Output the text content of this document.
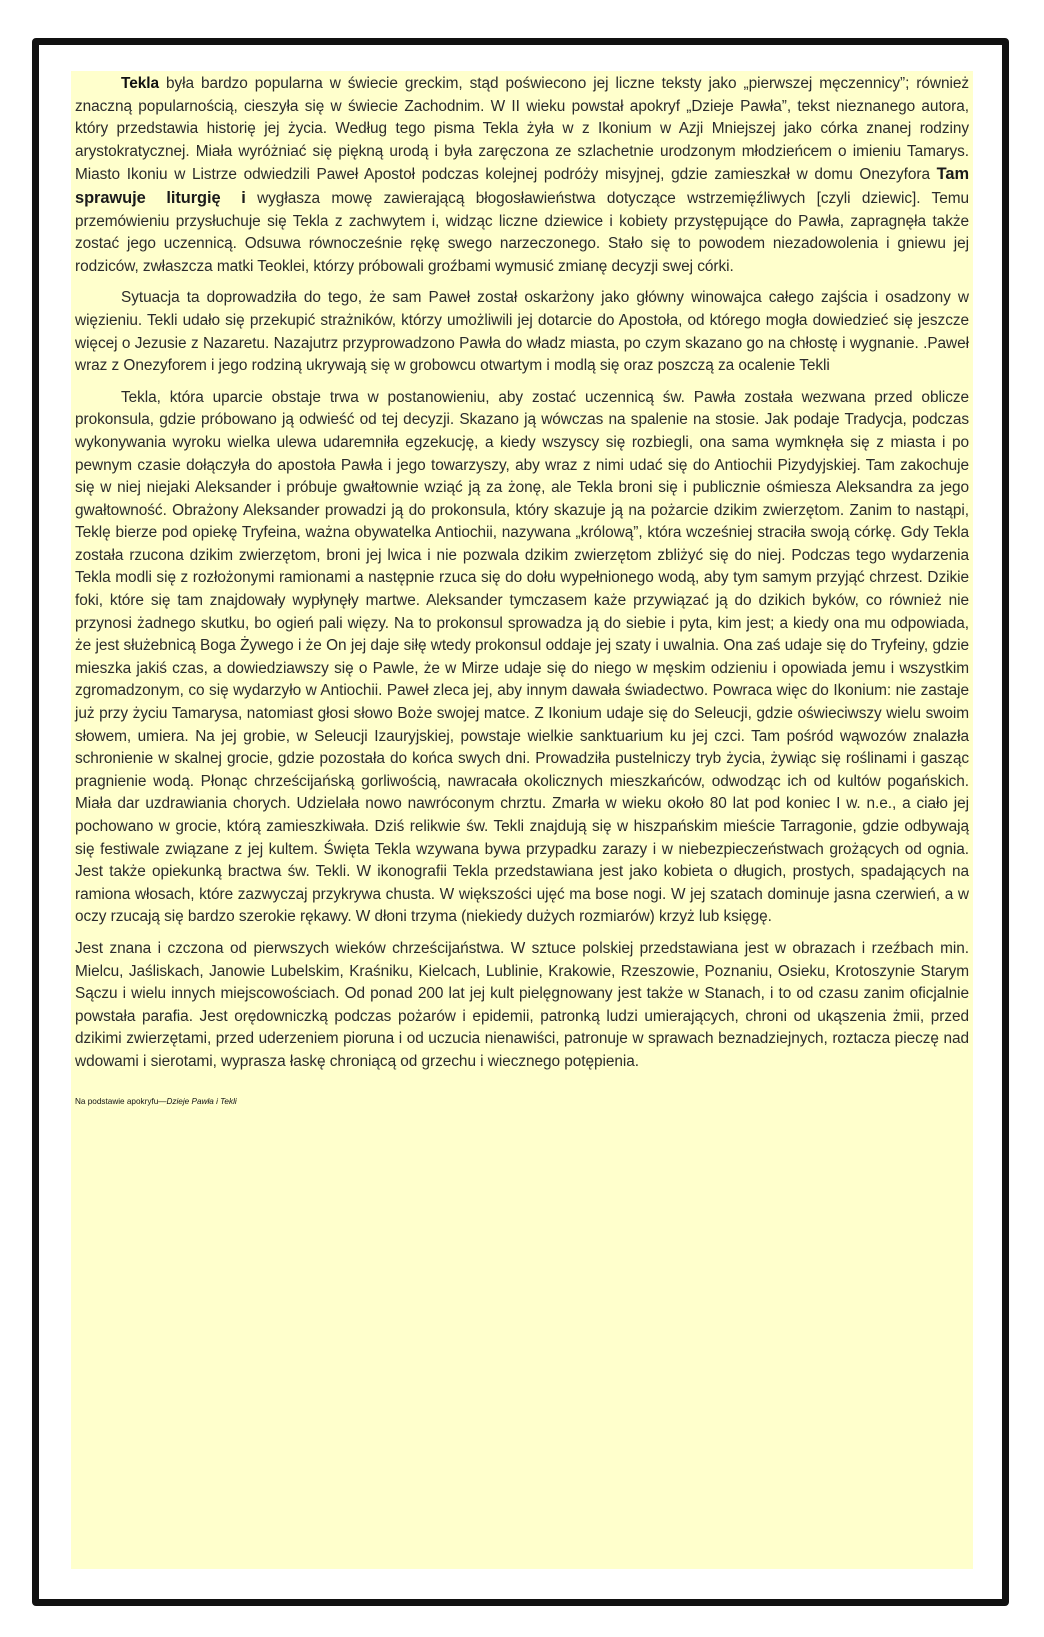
Tekla była bardzo popularna w świecie greckim, stąd poświecono jej liczne teksty jako „pierwszej męczennicy”; również znaczną popularnością, cieszyła się w świecie Zachodnim. W II wieku powstał apokryf „Dzieje Pawła”, tekst nieznanego autora, który przedstawia historię jej życia. Według tego pisma Tekla żyła w z Ikonium w Azji Mniejszej jako córka znanej rodziny arystokratycznej. Miała wyróżniać się piękną urodą i była zaręczona ze szlachetnie urodzonym młodzieńcem o imieniu Tamarys. Miasto Ikoniu w Listrze odwiedzili Paweł Apostoł podczas kolejnej podróży misyjnej, gdzie zamieszkał w domu Onezyfora Tam sprawuje liturgię i wygłasza mowę zawierającą błogosławieństwa dotyczące wstrzemięźliwych [czyli dziewic]. Temu przemówieniu przysłuchuje się Tekla z zachwytem i, widząc liczne dziewice i kobiety przystępujące do Pawła, zapragnęła także zostać jego uczennicą. Odsuwa równocześnie rękę swego narzeczonego. Stało się to powodem niezadowolenia i gniewu jej rodziców, zwłaszcza matki Teoklei, którzy próbowali groźbami wymusić zmianę decyzji swej córki.

Sytuacja ta doprowadziła do tego, że sam Paweł został oskarżony jako główny winowajca całego zajścia i osadzony w więzieniu. Tekli udało się przekupić strażników, którzy umożliwili jej dotarcie do Apostoła, od którego mogła dowiedzieć się jeszcze więcej o Jezusie z Nazaretu. Nazajutrz przyprowadzono Pawła do władz miasta, po czym skazano go na chłostę i wygnanie. .Paweł wraz z Onezyforem i jego rodziną ukrywają się w grobowcu otwartym i modlą się oraz poszczą za ocalenie Tekli

Tekla, która uparcie obstaje trwa w postanowieniu, aby zostać uczennicą św. Pawła została wezwana przed oblicze prokonsula, gdzie próbowano ją odwieść od tej decyzji. Skazano ją wówczas na spalenie na stosie. Jak podaje Tradycja, podczas wykonywania wyroku wielka ulewa udaremniła egzekucję, a kiedy wszyscy się rozbiegli, ona sama wymknęła się z miasta i po pewnym czasie dołączyła do apostoła Pawła i jego towarzyszy, aby wraz z nimi udać się do Antiochii Pizydyjskiej. Tam zakochuje się w niej niejaki Aleksander i próbuje gwałtownie wziąć ją za żonę, ale Tekla broni się i publicznie ośmiesza Aleksandra za jego gwałtowność. Obrażony Aleksander prowadzi ją do prokonsula, który skazuje ją na pożarcie dzikim zwierzętom. Zanim to nastąpi, Teklę bierze pod opiekę Tryfeina, ważna obywatelka Antiochii, nazywana „królową”, która wcześniej straciła swoją córkę. Gdy Tekla została rzucona dzikim zwierzętom, broni jej lwica i nie pozwala dzikim zwierzętom zbliżyć się do niej. Podczas tego wydarzenia Tekla modli się z rozłożonymi ramionami a następnie rzuca się do dołu wypełnionego wodą, aby tym samym przyjąć chrzest. Dzikie foki, które się tam znajdowały wypłynęły martwe. Aleksander tymczasem każe przywiązać ją do dzikich byków, co również nie przynosi żadnego skutku, bo ogień pali więzy. Na to prokonsul sprowadza ją do siebie i pyta, kim jest; a kiedy ona mu odpowiada, że jest służebnicą Boga Żywego i że On jej daje siłę wtedy prokonsul oddaje jej szaty i uwalnia. Ona zaś udaje się do Tryfeiny, gdzie mieszka jakiś czas, a dowiedziawszy się o Pawle, że w Mirze udaje się do niego w męskim odzieniu i opowiada jemu i wszystkim zgromadzonym, co się wydarzyło w Antiochii. Paweł zleca jej, aby innym dawała świadectwo. Powraca więc do Ikonium: nie zastaje już przy życiu Tamarysa, natomiast głosi słowo Boże swojej matce. Z Ikonium udaje się do Seleucji, gdzie oświeciwszy wielu swoim słowem, umiera. Na jej grobie, w Seleucji Izauryjskiej, powstaje wielkie sanktuarium ku jej czci. Tam pośród wąwozów znalazła schronienie w skalnej grocie, gdzie pozostała do końca swych dni. Prowadziła pustelniczy tryb życia, żywiąc się roślinami i gasząc pragnienie wodą. Płonąc chrześcijańską gorliwością, nawracała okolicznych mieszkańców, odwodząc ich od kultów pogańskich. Miała dar uzdrawiania chorych. Udzielała nowo nawróconym chrztu. Zmarła w wieku około 80 lat pod koniec I w. n.e., a ciało jej pochowano w grocie, którą zamieszkiwała. Dziś relikwie św. Tekli znajdują się w hiszpańskim mieście Tarragonie, gdzie odbywają się festiwale związane z jej kultem. Święta Tekla wzywana bywa przypadku zarazy i w niebezpieczeństwach grożących od ognia. Jest także opiekunką bractwa św. Tekli. W ikonografii Tekla przedstawiana jest jako kobieta o długich, prostych, spadających na ramiona włosach, które zazwyczaj przykrywa chusta. W większości ujęć ma bose nogi. W jej szatach dominuje jasna czerwień, a w oczy rzucają się bardzo szerokie rękawy. W dłoni trzyma (niekiedy dużych rozmiarów) krzyż lub księgę.

Jest znana i czczona od pierwszych wieków chrześcijaństwa. W sztuce polskiej przedstawiana jest w obrazach i rzeźbach min. Mielcu, Jaśliskach, Janowie Lubelskim, Kraśniku, Kielcach, Lublinie, Krakowie, Rzeszowie, Poznaniu, Osieku, Krotoszynie Starym Sączu i wielu innych miejscowościach. Od ponad 200 lat jej kult pielęgnowany jest także w Stanach, i to od czasu zanim oficjalnie powstała parafia. Jest orędowniczką podczas pożarów i epidemii, patronką ludzi umierających, chroni od ukąszenia żmii, przed dzikimi zwierzętami, przed uderzeniem pioruna i od uczucia nienawiści, patronuje w sprawach beznadziejnych, roztacza pieczę nad wdowami i sierotami, wyprasza łaskę chroniącą od grzechu i wiecznego potępienia.

Na podstawie apokryfu—Dzieje Pawła i Tekli
